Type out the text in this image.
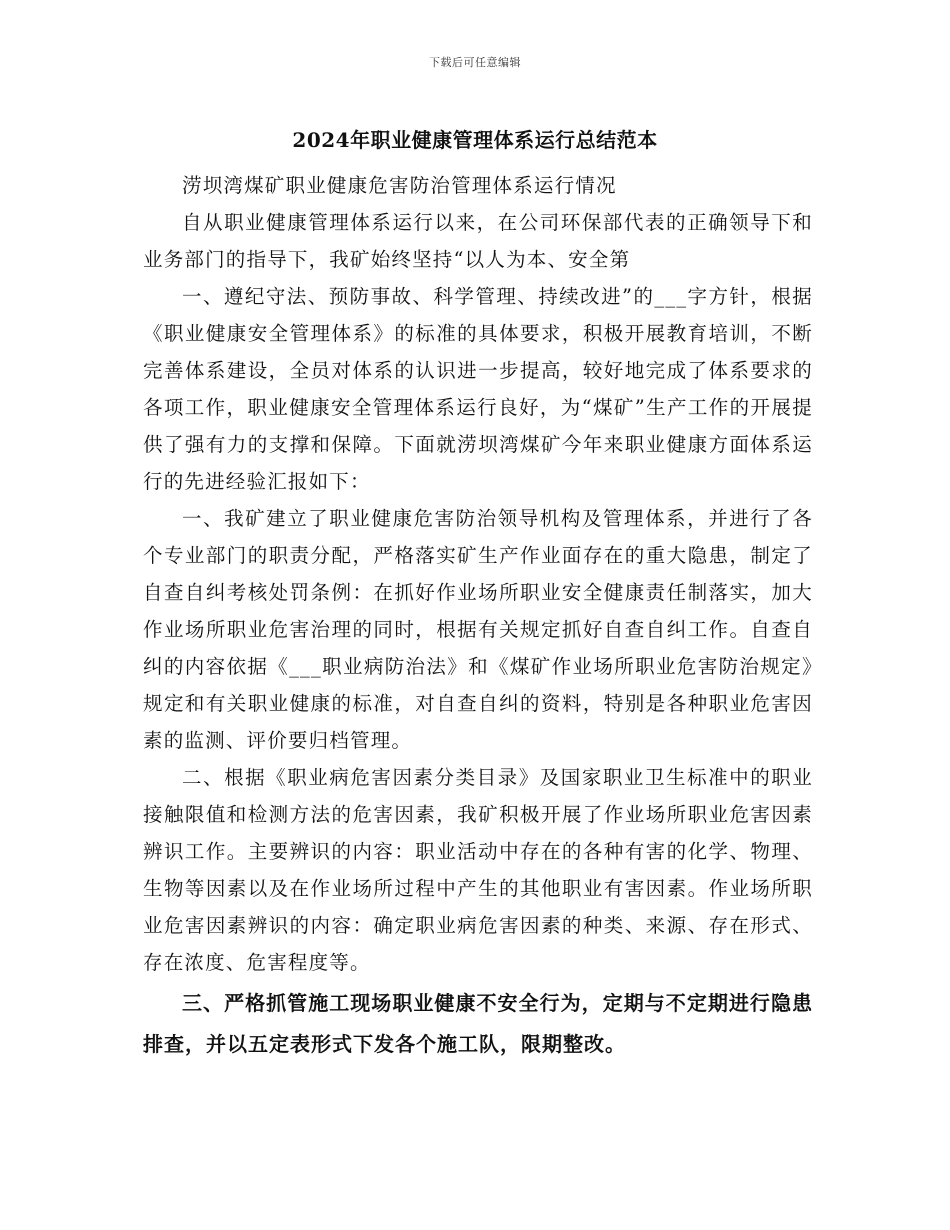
下载后可任意编辑
2024年职业健康管理体系运行总结范本

涝坝湾煤矿职业健康危害防治管理体系运行情况

自从职业健康管理体系运行以来，在公司环保部代表的正确领导下和业务部门的指导下，我矿始终坚持“以人为本、安全第

一、遵纪守法、预防事故、科学管理、持续改进”的___字方针，根据《职业健康安全管理体系》的标准的具体要求，积极开展教育培训，不断完善体系建设，全员对体系的认识进一步提高，较好地完成了体系要求的各项工作，职业健康安全管理体系运行良好，为“煤矿”生产工作的开展提供了强有力的支撑和保障。下面就涝坝湾煤矿今年来职业健康方面体系运行的先进经验汇报如下：

一、我矿建立了职业健康危害防治领导机构及管理体系，并进行了各个专业部门的职责分配，严格落实矿生产作业面存在的重大隐患，制定了自查自纠考核处罚条例：在抓好作业场所职业安全健康责任制落实，加大作业场所职业危害治理的同时，根据有关规定抓好自查自纠工作。自查自纠的内容依据《___职业病防治法》和《煤矿作业场所职业危害防治规定》规定和有关职业健康的标准，对自查自纠的资料，特别是各种职业危害因素的监测、评价要归档管理。

二、根据《职业病危害因素分类目录》及国家职业卫生标准中的职业接触限值和检测方法的危害因素，我矿积极开展了作业场所职业危害因素辨识工作。主要辨识的内容：职业活动中存在的各种有害的化学、物理、生物等因素以及在作业场所过程中产生的其他职业有害因素。作业场所职业危害因素辨识的内容：确定职业病危害因素的种类、来源、存在形式、存在浓度、危害程度等。

三、严格抓管施工现场职业健康不安全行为，定期与不定期进行隐患排查，并以五定表形式下发各个施工队，限期整改。
